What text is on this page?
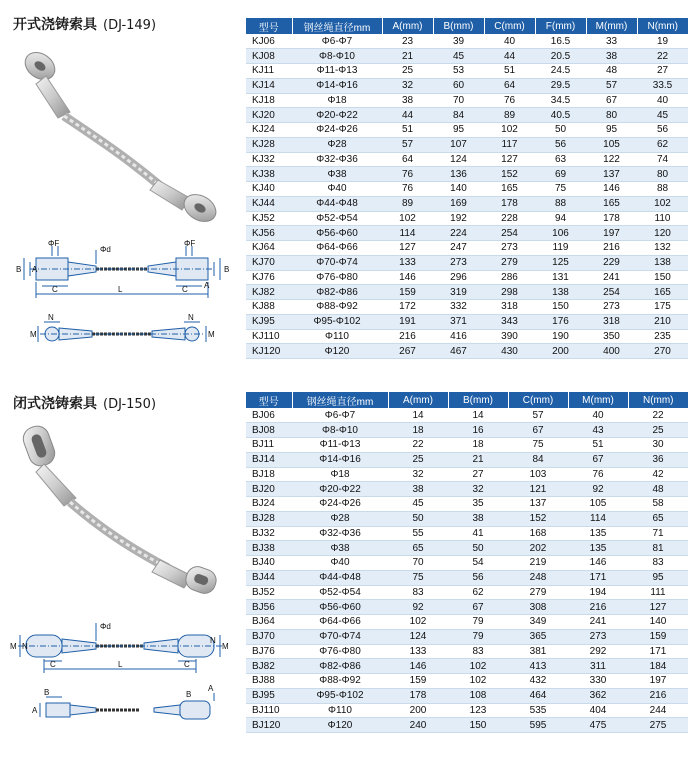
开式浇铸索具 (DJ-149)
ΦF	ΦF
Φd
B A	B
A
C	C
L
N	N
M	M
型号	钢丝绳直径mm	A(mm)	B(mm)	C(mm)	F(mm)	M(mm)	N(mm)
KJ06	Φ6-Φ7	23	39	40	16.5	33	19
KJ08	Φ8-Φ10	21	45	44	20.5	38	22
KJ11	Φ11-Φ13	25	53	51	24.5	48	27
KJ14	Φ14-Φ16	32	60	64	29.5	57	33.5
KJ18	Φ18	38	70	76	34.5	67	40
KJ20	Φ20-Φ22	44	84	89	40.5	80	45
KJ24	Φ24-Φ26	51	95	102	50	95	56
KJ28	Φ28	57	107	117	56	105	62
KJ32	Φ32-Φ36	64	124	127	63	122	74
KJ38	Φ38	76	136	152	69	137	80
KJ40	Φ40	76	140	165	75	146	88
KJ44	Φ44-Φ48	89	169	178	88	165	102
KJ52	Φ52-Φ54	102	192	228	94	178	110
KJ56	Φ56-Φ60	114	224	254	106	197	120
KJ64	Φ64-Φ66	127	247	273	119	216	132
KJ70	Φ70-Φ74	133	273	279	125	229	138
KJ76	Φ76-Φ80	146	296	286	131	241	150
KJ82	Φ82-Φ86	159	319	298	138	254	165
KJ88	Φ88-Φ92	172	332	318	150	273	175
KJ95	Φ95-Φ102	191	371	343	176	318	210
KJ110	Φ110	216	416	390	190	350	235
KJ120	Φ120	267	467	430	200	400	270
闭式浇铸索具 (DJ-150)
Φd
M N	M
N
C	C
L
A
B	A
B
型号	钢丝绳直径mm	A(mm)	B(mm)	C(mm)	M(mm)	N(mm)
BJ06	Φ6-Φ7	14	14	57	40	22
BJ08	Φ8-Φ10	18	16	67	43	25
BJ11	Φ11-Φ13	22	18	75	51	30
BJ14	Φ14-Φ16	25	21	84	67	36
BJ18	Φ18	32	27	103	76	42
BJ20	Φ20-Φ22	38	32	121	92	48
BJ24	Φ24-Φ26	45	35	137	105	58
BJ28	Φ28	50	38	152	114	65
BJ32	Φ32-Φ36	55	41	168	135	71
BJ38	Φ38	65	50	202	135	81
BJ40	Φ40	70	54	219	146	83
BJ44	Φ44-Φ48	75	56	248	171	95
BJ52	Φ52-Φ54	83	62	279	194	111
BJ56	Φ56-Φ60	92	67	308	216	127
BJ64	Φ64-Φ66	102	79	349	241	140
BJ70	Φ70-Φ74	124	79	365	273	159
BJ76	Φ76-Φ80	133	83	381	292	171
BJ82	Φ82-Φ86	146	102	413	311	184
BJ88	Φ88-Φ92	159	102	432	330	197
BJ95	Φ95-Φ102	178	108	464	362	216
BJ110	Φ110	200	123	535	404	244
BJ120	Φ120	240	150	595	475	275
